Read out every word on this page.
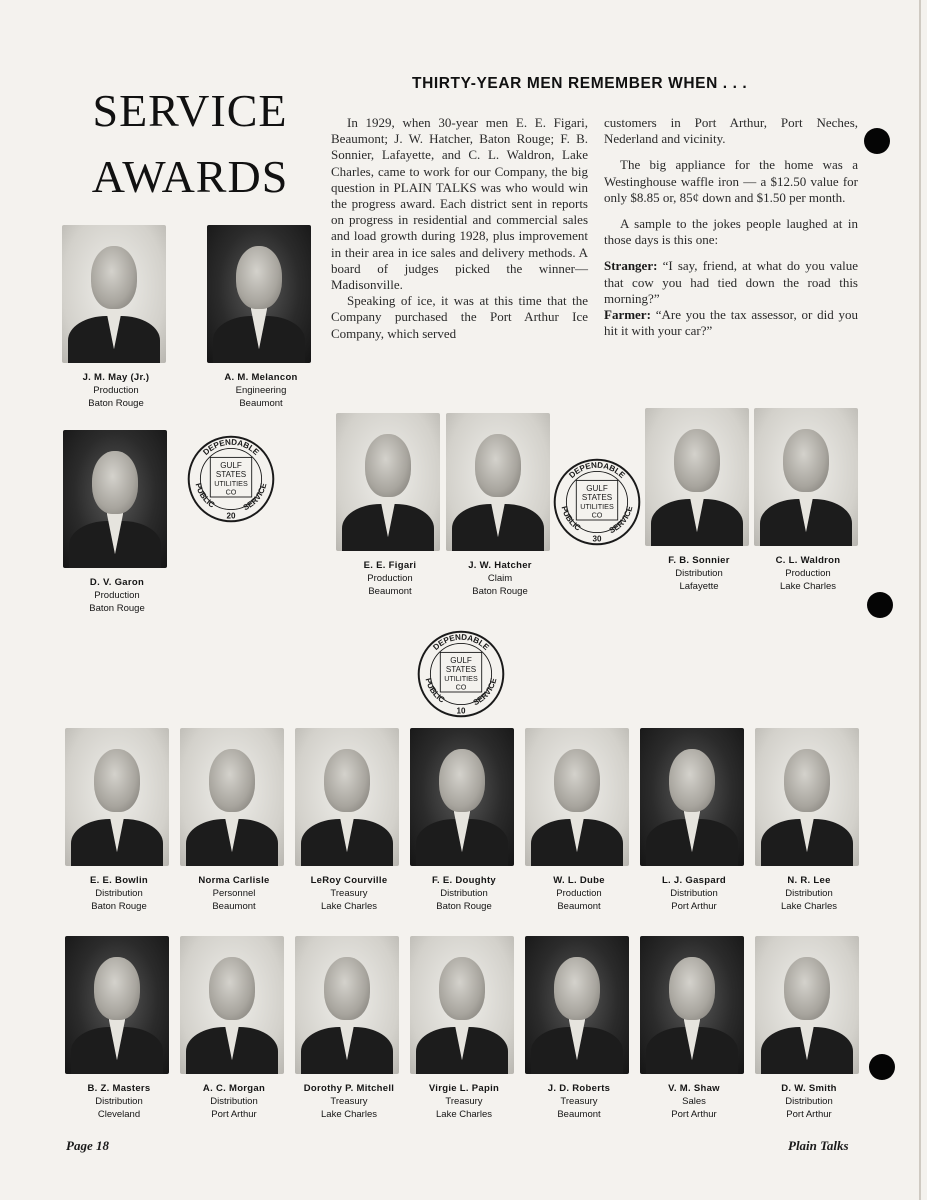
SERVICE
AWARDS
THIRTY-YEAR MEN REMEMBER WHEN . . .

In 1929, when 30-year men E. E. Figari, Beaumont; J. W. Hatcher, Baton Rouge; F. B. Sonnier, Lafayette, and C. L. Waldron, Lake Charles, came to work for our Company, the big question in PLAIN TALKS was who would win the progress award. Each district sent in reports on progress in residential and commercial sales and load growth during 1928, plus improvement in their area in ice sales and delivery methods. A board of judges picked the winner—Madisonville.

Speaking of ice, it was at this time that the Company purchased the Port Arthur Ice Company, which served

customers in Port Arthur, Port Neches, Nederland and vicinity.

The big appliance for the home was a Westinghouse waffle iron — a $12.50 value for only $8.85 or, 85¢ down and $1.50 per month.

A sample to the jokes people laughed at in those days is this one:

Stranger: “I say, friend, at what do you value that cow you had tied down the road this morning?”

Farmer: “Are you the tax assessor, or did you hit it with your car?”

J. M. May (Jr.)
Production
Baton Rouge
A. M. Melancon
Engineering
Beaumont
D. V. Garon
Production
Baton Rouge
DEPENDABLE
PUBLIC	SERVICE
20
GULF
STATES
UTILITIES
CO
E. E. Figari
Production
Beaumont
J. W. Hatcher
Claim
Baton Rouge
DEPENDABLE
PUBLIC	SERVICE
30
GULF
STATES
UTILITIES
CO
F. B. Sonnier
Distribution
Lafayette
C. L. Waldron
Production
Lake Charles
DEPENDABLE
PUBLIC	SERVICE
10
GULF
STATES
UTILITIES
CO
E. E. Bowlin
Distribution
Baton Rouge
Norma Carlisle
Personnel
Beaumont
LeRoy Courville
Treasury
Lake Charles
F. E. Doughty
Distribution
Baton Rouge
W. L. Dube
Production
Beaumont
L. J. Gaspard
Distribution
Port Arthur
N. R. Lee
Distribution
Lake Charles
B. Z. Masters
Distribution
Cleveland
A. C. Morgan
Distribution
Port Arthur
Dorothy P. Mitchell
Treasury
Lake Charles
Virgie L. Papin
Treasury
Lake Charles
J. D. Roberts
Treasury
Beaumont
V. M. Shaw
Sales
Port Arthur
D. W. Smith
Distribution
Port Arthur
Page 18	Plain Talks
